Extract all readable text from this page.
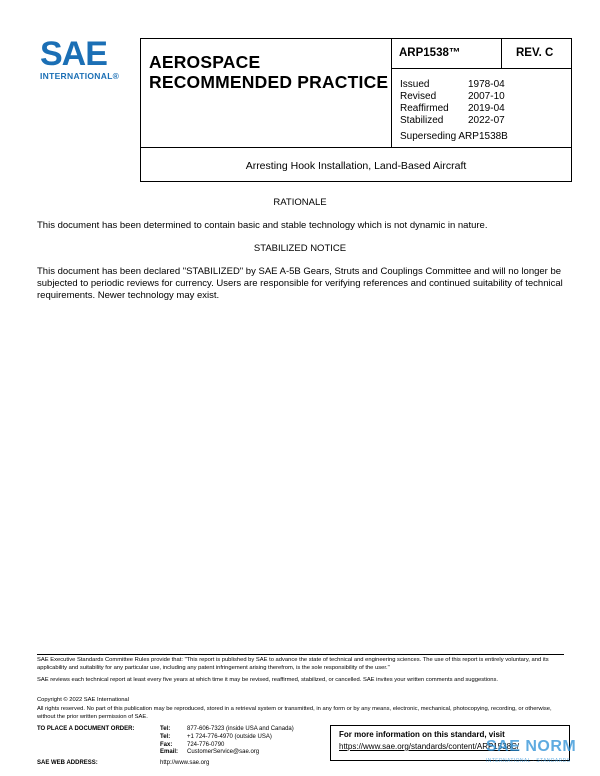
SAE
INTERNATIONAL®
AEROSPACE
RECOMMENDED PRACTICE
ARP1538™	REV. C
Issued	1978-04
Revised	2007-10
Reaffirmed 2019-04
Stabilized 2022-07
Superseding ARP1538B
Arresting Hook Installation, Land-Based Aircraft
RATIONALE
This document has been determined to contain basic and stable technology which is not dynamic in nature.
STABILIZED NOTICE
This document has been declared "STABILIZED" by SAE A-5B Gears, Struts and Couplings Committee and will no longer be subjected to periodic reviews for currency. Users are responsible for verifying references and continued suitability of technical requirements. Newer technology may exist.
SAE Executive Standards Committee Rules provide that: "This report is published by SAE to advance the state of technical and engineering sciences. The use of this report is entirely voluntary, and its applicability and suitability for any particular use, including any patent infringement arising therefrom, is the sole responsibility of the user."
SAE reviews each technical report at least every five years at which time it may be revised, reaffirmed, stabilized, or cancelled. SAE invites your written comments and suggestions.
Copyright © 2022 SAE International
All rights reserved. No part of this publication may be reproduced, stored in a retrieval system or transmitted, in any form or by any means, electronic, mechanical, photocopying, recording, or otherwise, without the prior written permission of SAE.
TO PLACE A DOCUMENT ORDER:	Tel:	877-606-7323 (inside USA and Canada)
Tel:	+1 724-776-4970 (outside USA)
Fax: 724-776-0790
Email: CustomerService@sae.org
SAE WEB ADDRESS:	http://www.sae.org
For more information on this standard, visit
https://www.sae.org/standards/content/ARP1538C/
SAE NORM
INTERNATIONAL · STANDARDS
